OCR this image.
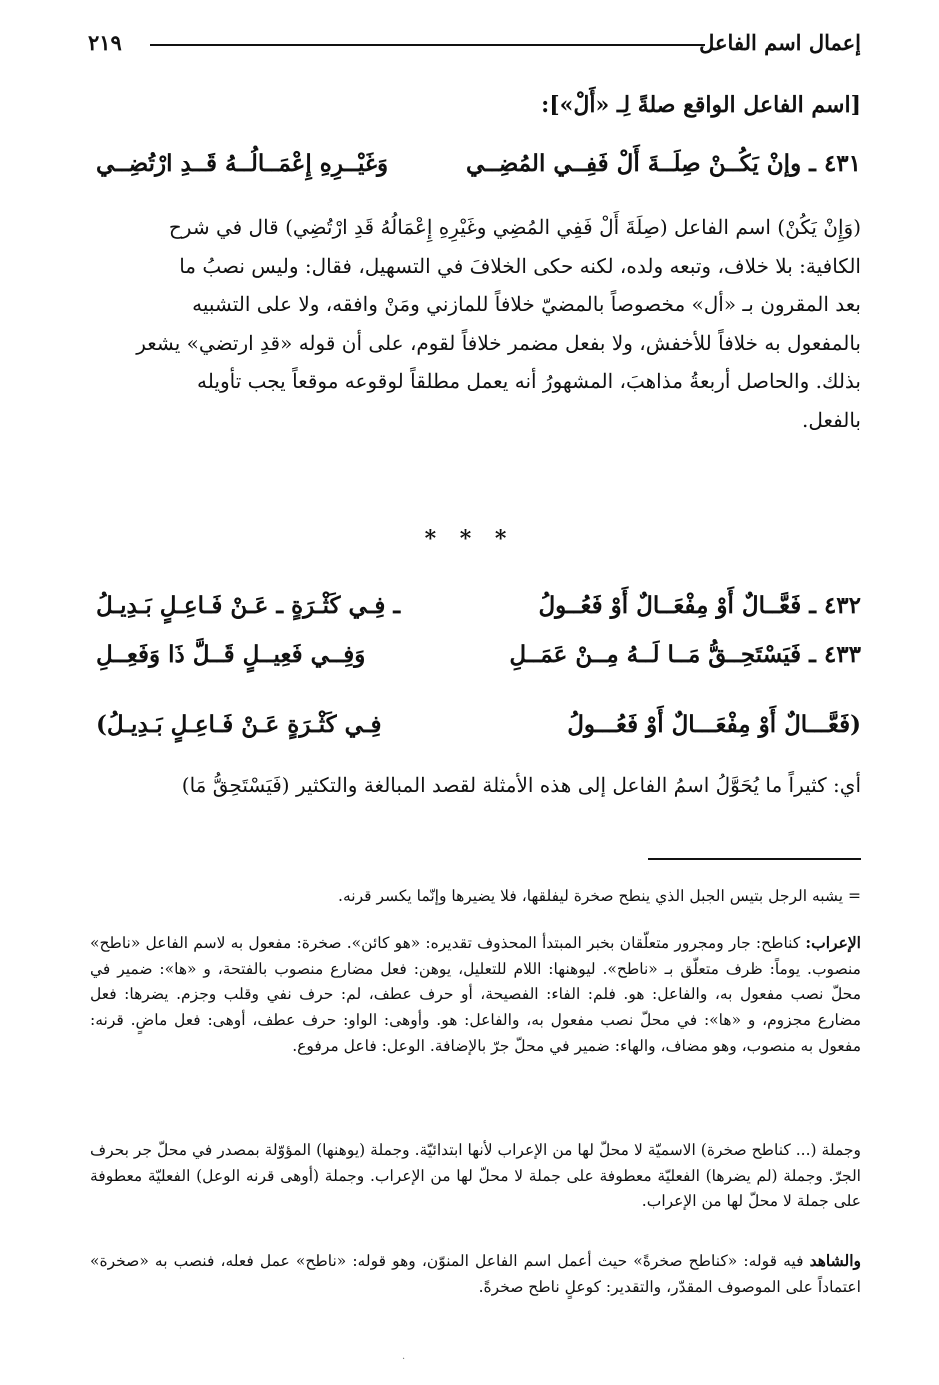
إعمال اسم الفاعل
٢١٩
[اسم الفاعل الواقع صلةً لِـ «أَلْ»]:
٤٣١ ـ وإنْ يَكُــنْ صِلَــةَ أَلْ فَفِــي المُضِــي
وَغَيْــرِهِ إِعْمَــالُــهُ قَــدِ ارْتُضِــي

(وَإِنْ يَكُنْ) اسم الفاعل (صِلَةَ أَلْ فَفِي المُضِي وغَيْرِهِ إِعْمَالُهُ قَدِ ارْتُضِي) قال في شرح

الكافية: بلا خلاف، وتبعه ولده، لكنه حكى الخلافَ في التسهيل، فقال: وليس نصبُ ما

بعد المقرون بـ «أل» مخصوصاً بالمضيّ خلافاً للمازني ومَنْ وافقه، ولا على التشبيه

بالمفعول به خلافاً للأخفش، ولا بفعل مضمر خلافاً لقوم، على أن قوله «قدِ ارتضي» يشعر

بذلك. والحاصل أربعةُ مذاهبَ، المشهورُ أنه يعمل مطلقاً لوقوعه موقعاً يجب تأويله

بالفعل.

* * *
٤٣٢ ـ فَعَّــالٌ أَوْ مِفْعَــالٌ أَوْ فَعُــولُ
ـ فِـي كَثْـرَةٍ ـ عَـنْ فَـاعِـلٍ بَـدِيـلُ
٤٣٣ ـ فَيَسْتَحِــقُّ مَــا لَــهُ مِــنْ عَمَــلِ
وَفِــي فَعِيــلٍ قَــلَّ ذَا وَفَعِــلِ
(فَعَّـــالٌ أَوْ مِفْعَـــالٌ أَوْ فَعُـــولُ
فِـي كَثْـرَةٍ عَـنْ فَـاعِـلٍ بَـدِيـلُ)

أي: كثيراً ما يُحَوَّلُ اسمُ الفاعل إلى هذه الأمثلة لقصد المبالغة والتكثير (فَيَسْتَحِقُّ مَا)

= يشبه الرجل بتيس الجبل الذي ينطح صخرة ليفلقها، فلا يضيرها وإنّما يكسر قرنه.

الإعراب: كناطح: جار ومجرور متعلّقان بخبر المبتدأ المحذوف تقديره: «هو كائن». صخرة: مفعول به لاسم الفاعل «ناطح» منصوب. يوماً: ظرف متعلّق بـ «ناطح». ليوهنها: اللام للتعليل، يوهن: فعل مضارع منصوب بالفتحة، و «ها»: ضمير في محلّ نصب مفعول به، والفاعل: هو. فلم: الفاء: الفصيحة، أو حرف عطف، لم: حرف نفي وقلب وجزم. يضرها: فعل مضارع مجزوم، و «ها»: في محلّ نصب مفعول به، والفاعل: هو. وأوهى: الواو: حرف عطف، أوهى: فعل ماضٍ. قرنه: مفعول به منصوب، وهو مضاف، والهاء: ضمير في محلّ جرّ بالإضافة. الوعل: فاعل مرفوع.

وجملة (... كناطح صخرة) الاسميّة لا محلّ لها من الإعراب لأنها ابتدائيّة. وجملة (يوهنها) المؤوّلة بمصدر في محلّ جر بحرف الجرّ. وجملة (لم يضرها) الفعليّة معطوفة على جملة لا محلّ لها من الإعراب. وجملة (أوهى قرنه الوعل) الفعليّة معطوفة على جملة لا محلّ لها من الإعراب.

والشاهد فيه قوله: «كناطح صخرةً» حيث أعمل اسم الفاعل المنوّن، وهو قوله: «ناطح» عمل فعله، فنصب به «صخرة» اعتماداً على الموصوف المقدّر، والتقدير: كوعلٍ ناطح صخرةً.

·
